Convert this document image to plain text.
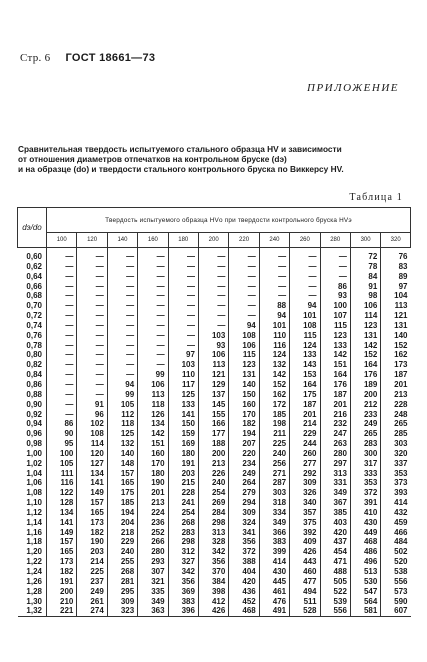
Стр. 6 ГОСТ 18661—73
ПРИЛОЖЕНИЕ

Сравнительная твердость испытуемого стального образца HV и зависимости

от отношения диаметров отпечатков на контрольном бруске (dэ)

и на образце (dо) и твердости стального контрольного бруска по Виккерсу HV.

Таблица 1
dэ/dо	Твердость испытуемого образца HVо при твердости контрольного бруска HVэ											
	100	120	140	160	180	200	220	240	260	280	300	320
0,60	—	—	—	—	—	—	—	—	—	—	72	76
0,62	—	—	—	—	—	—	—	—	—	—	78	83
0,64	—	—	—	—	—	—	—	—	—	—	84	89
0,66	—	—	—	—	—	—	—	—	—	86	91	97
0,68	—	—	—	—	—	—	—	—	—	93	98	104
0,70	—	—	—	—	—	—	—	88	94	100	106	113
0,72	—	—	—	—	—	—	—	94	101	107	114	121
0,74	—	—	—	—	—	—	94	101	108	115	123	131
0,76	—	—	—	—	—	103	108	110	115	123	131	140
0,78	—	—	—	—	—	93	106	116	124	133	142	152
0,80	—	—	—	—	97	106	115	124	133	142	152	162
0,82	—	—	—	—	103	113	123	132	143	151	164	173
0,84	—	—	—	99	110	121	131	142	153	164	176	187
0,86	—	—	94	106	117	129	140	152	164	176	189	201
0,88	—	—	99	113	125	137	150	162	175	187	200	213
0,90	—	91	105	118	133	145	160	172	187	201	212	228
0,92	—	96	112	126	141	155	170	185	201	216	233	248
0,94	86	102	118	134	150	166	182	198	214	232	249	265
0,96	90	108	125	142	159	177	194	211	229	247	265	285
0,98	95	114	132	151	169	188	207	225	244	263	283	303
1,00	100	120	140	160	180	200	220	240	260	280	300	320
1,02	105	127	148	170	191	213	234	256	277	297	317	337
1,04	111	134	157	180	203	226	249	271	292	313	333	353
1,06	116	141	165	190	215	240	264	287	309	331	353	373
1,08	122	149	175	201	228	254	279	303	326	349	372	393
1,10	128	157	185	213	241	269	294	318	340	367	391	414
1,12	134	165	194	224	254	284	309	334	357	385	410	432
1,14	141	173	204	236	268	298	324	349	375	403	430	459
1,16	149	182	218	252	283	313	341	366	392	420	449	466
1,18	157	190	229	266	298	328	356	383	409	437	468	484
1,20	165	203	240	280	312	342	372	399	426	454	486	502
1,22	173	214	255	293	327	356	388	414	443	471	496	520
1,24	182	225	268	307	342	370	404	430	460	488	513	538
1,26	191	237	281	321	356	384	420	445	477	505	530	556
1,28	200	249	295	335	369	398	436	461	494	522	547	573
1,30	210	261	309	349	383	412	452	476	511	539	564	590
1,32	221	274	323	363	396	426	468	491	528	556	581	607
